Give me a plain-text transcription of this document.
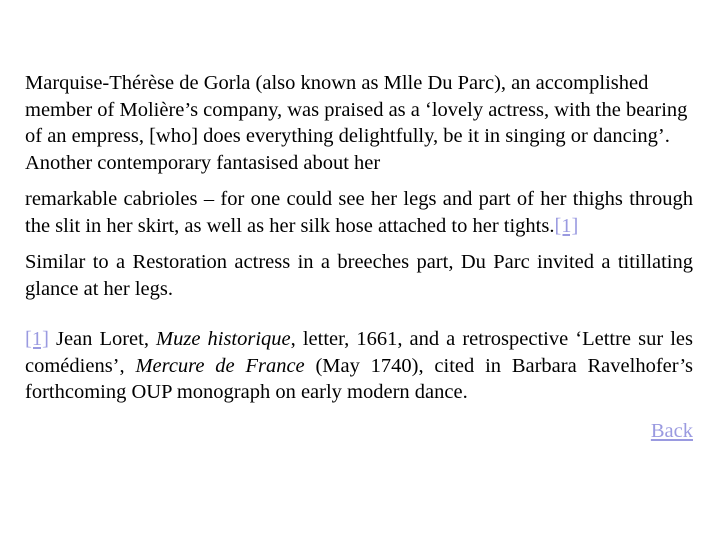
Marquise-Thérèse de Gorla (also known as Mlle Du Parc), an accomplished member of Molière’s company, was praised as a ‘lovely actress, with the bearing of an empress, [who] does everything delightfully, be it in singing or dancing’. Another contemporary fantasised about her

remarkable cabrioles – for one could see her legs and part of her thighs through the slit in her skirt, as well as her silk hose attached to her tights.[1]

Similar to a Restoration actress in a breeches part, Du Parc invited a titillating glance at her legs.

[1] Jean Loret, Muze historique, letter, 1661, and a retrospective ‘Lettre sur les comédiens’, Mercure de France (May 1740), cited in Barbara Ravelhofer’s forthcoming OUP monograph on early modern dance.

Back
